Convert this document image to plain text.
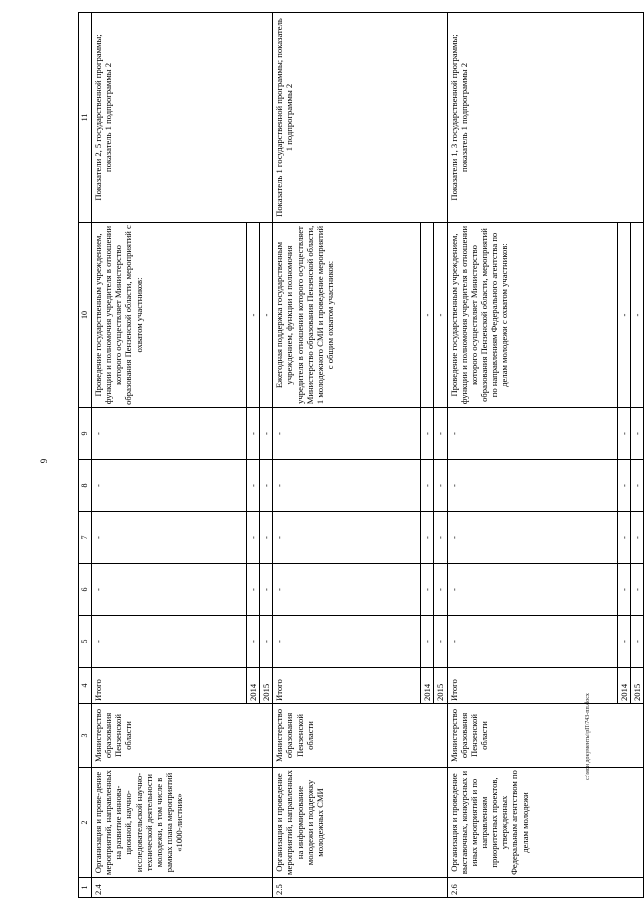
9
c:\мои документы\рП\743-пп.docx
1	2	3	4	5	6	7	8	9	10	11
2.4	Организация и прове-дение мероприятий, направленных на развитие иннова-ционной, научно-исследовательской научно-технической деятельности молодежи, в том числе в рамках плана мероприятий «1000-листник»	Министерство образования Пензенской области	Итого	-	-	-	-	-	Проведение государственным учреждением, функции и полномочия учредителя в отношении которого осуществляет Министерство образования Пензенской области, мероприятий с охватом участников:	Показатели 2, 5 государственной программы; показатель 1 подпрограммы 2
			2014	-	-	-	-	-	-	
			2015	-	-	-	-	-	-	
2.5	Организация и проведение мероприятий, направленных на информирование молодежи и поддержку молодежных СМИ	Министерство образования Пензенской области	Итого	-	-	-	-	-	Ежегодная поддержка государственным учреждением, функции и полномочия учредителя в отношении которого осуществляет Министерство образования Пензенской области, 1 молодежного СМИ и проведение мероприятий с общим охватом участников:	Показатель 1 государственной программы; показатель 1 подпрограммы 2
			2014	-	-	-	-	-	-	
			2015	-	-	-	-	-	-	
2.6	Организация и проведение выставочных, конкурсных и иных мероприятий и по направлениям приоритетных проектов, утвержденных Федеральным агентством по делам молодежи	Министерство образования Пензенской области	Итого	-	-	-	-	-	Проведение государственным учреждением, функции и полномочия учредителя в отношении которого осуществляет Министерство образования Пензенской области, мероприятий по направлениям Федерального агентства по делам молодежи с охватом участников:	Показатели 1, 3 государственной программы; показатель 1 подпрограммы 2
			2014	-	-	-	-	-	-	
			2015	-	-	-	-	-	-	
